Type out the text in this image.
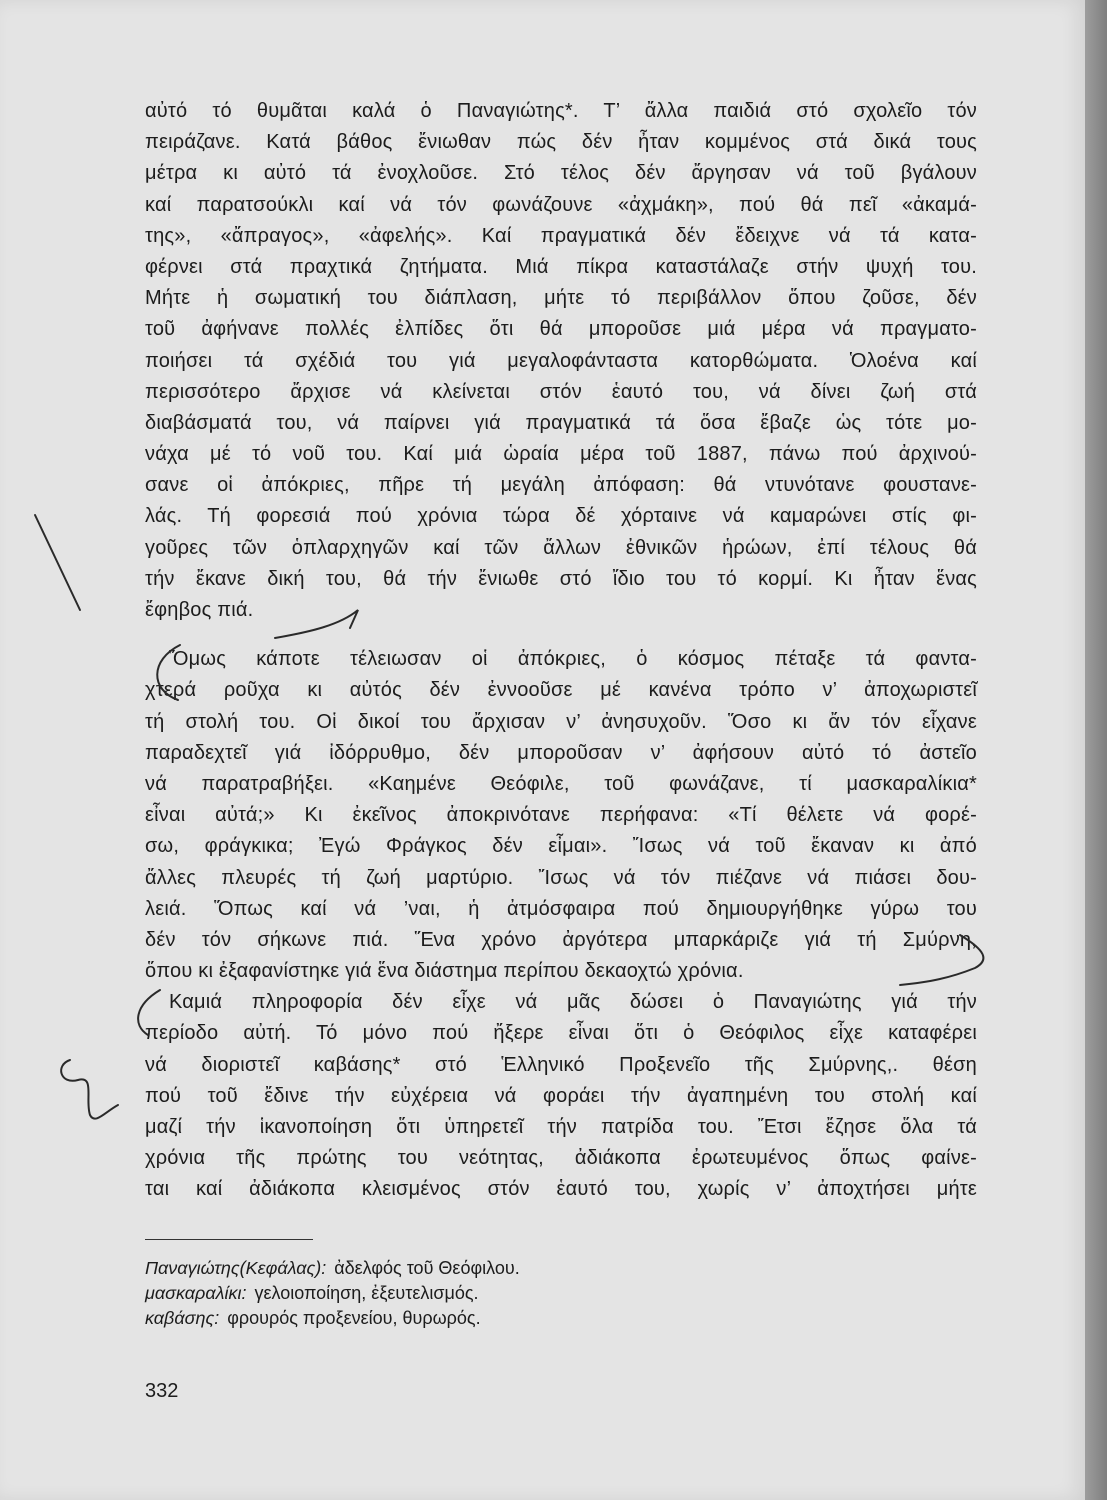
αὐτό τό θυμᾶται καλά ὁ Παναγιώτης*. Τ’ ἄλλα παιδιά στό σχολεῖο τόν
πειράζανε. Κατά βάθος ἔνιωθαν πώς δέν ἦταν κομμένος στά δικά τους
μέτρα κι αὐτό τά ἐνοχλοῦσε. Στό τέλος δέν ἄργησαν νά τοῦ βγάλουν
καί παρατσούκλι καί νά τόν φωνάζουνε «ἀχμάκη», πού θά πεῖ «ἀκαμά-
της», «ἄπραγος», «ἀφελής». Καί πραγματικά δέν ἔδειχνε νά τά κατα-
φέρνει στά πραχτικά ζητήματα. Μιά πίκρα καταστάλαζε στήν ψυχή του.
Μήτε ἡ σωματική του διάπλαση, μήτε τό περιβάλλον ὅπου ζοῦσε, δέν
τοῦ ἀφήνανε πολλές ἐλπίδες ὅτι θά μποροῦσε μιά μέρα νά πραγματο-
ποιήσει τά σχέδιά του γιά μεγαλοφάνταστα κατορθώματα. Ὁλοένα καί
περισσότερο ἄρχισε νά κλείνεται στόν ἑαυτό του, νά δίνει ζωή στά
διαβάσματά του, νά παίρνει γιά πραγματικά τά ὅσα ἔβαζε ὡς τότε μο-
νάχα μέ τό νοῦ του. Καί μιά ὡραία μέρα τοῦ 1887, πάνω πού ἀρχινού-
σανε οἱ ἀπόκριες, πῆρε τή μεγάλη ἀπόφαση: θά ντυνότανε φουστανε-
λάς. Τή φορεσιά πού χρόνια τώρα δέ χόρταινε νά καμαρώνει στίς φι-
γοῦρες τῶν ὁπλαρχηγῶν καί τῶν ἄλλων ἐθνικῶν ἡρώων, ἐπί τέλους θά
τήν ἔκανε δική του, θά τήν ἔνιωθε στό ἴδιο του τό κορμί. Κι ἦταν ἕνας
ἔφηβος πιά.
Ὅμως κάποτε τέλειωσαν οἱ ἀπόκριες, ὁ κόσμος πέταξε τά φαντα-
χτερά ροῦχα κι αὐτός δέν ἐννοοῦσε μέ κανένα τρόπο ν’ ἀποχωριστεῖ
τή στολή του. Οἱ δικοί του ἄρχισαν ν’ ἀνησυχοῦν. Ὅσο κι ἄν τόν εἶχανε
παραδεχτεῖ γιά ἰδόρρυθμο, δέν μποροῦσαν ν’ ἀφήσουν αὐτό τό ἀστεῖο
νά παρατραβήξει. «Καημένε Θεόφιλε, τοῦ φωνάζανε, τί μασκαραλίκια*
εἶναι αὐτά;» Κι ἐκεῖνος ἀποκρινότανε περήφανα: «Τί θέλετε νά φορέ-
σω, φράγκικα; Ἐγώ Φράγκος δέν εἶμαι». Ἴσως νά τοῦ ἔκαναν κι ἀπό
ἄλλες πλευρές τή ζωή μαρτύριο. Ἴσως νά τόν πιέζανε νά πιάσει δου-
λειά. Ὅπως καί νά ’ναι, ἡ ἀτμόσφαιρα πού δημιουργήθηκε γύρω του
δέν τόν σήκωνε πιά. Ἕνα χρόνο ἀργότερα μπαρκάριζε γιά τή Σμύρνη,
ὅπου κι ἐξαφανίστηκε γιά ἕνα διάστημα περίπου δεκαοχτώ χρόνια.
Καμιά πληροφορία δέν εἶχε νά μᾶς δώσει ὁ Παναγιώτης γιά τήν
περίοδο αὐτή. Τό μόνο πού ἤξερε εἶναι ὅτι ὁ Θεόφιλος εἶχε καταφέρει
νά διοριστεῖ καβάσης* στό Ἑλληνικό Προξενεῖο τῆς Σμύρνης,. θέση
πού τοῦ ἔδινε τήν εὐχέρεια νά φοράει τήν ἀγαπημένη του στολή καί
μαζί τήν ἱκανοποίηση ὅτι ὑπηρετεῖ τήν πατρίδα του. Ἔτσι ἔζησε ὅλα τά
χρόνια τῆς πρώτης του νεότητας, ἀδιάκοπα ἐρωτευμένος ὅπως φαίνε-
ται καί ἀδιάκοπα κλεισμένος στόν ἑαυτό του, χωρίς ν’ ἀποχτήσει μήτε
Παναγιώτης(Κεφάλας): ἀδελφός τοῦ Θεόφιλου.
μασκαραλίκι: γελοιοποίηση, ἐξευτελισμός.
καβάσης: φρουρός προξενείου, θυρωρός.
332
